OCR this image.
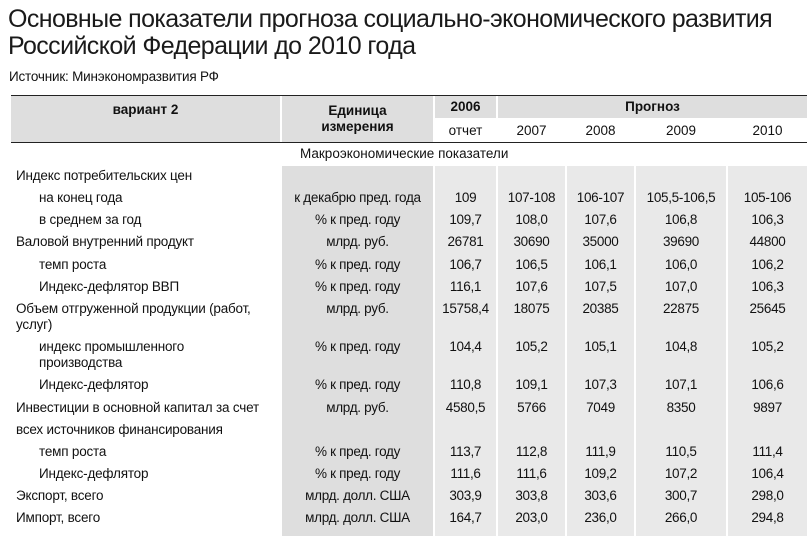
Основные показатели прогноза социально-экономического развития
Российской Федерации до 2010 года
Источник: Минэкономразвития РФ
вариант 2	Единица измерения
2006
отчет
Прогноз
2007	2008	2009	2010
Макроэкономические показатели
Индекс потребительских цен
на конец года	к декабрю пред. года	109	107-108	106-107	105,5-106,5	105-106
в среднем за год	% к пред. году	109,7	108,0	107,6	106,8	106,3
Валовой внутренний продукт	млрд. руб.	26781	30690	35000	39690	44800
темп роста	% к пред. году	106,7	106,5	106,1	106,0	106,2
Индекс-дефлятор ВВП	% к пред. году	116,1	107,6	107,5	107,0	106,3
Объем отгруженной продукции (работ,
услуг)
млрд. руб.	15758,4	18075	20385	22875	25645
индекс промышленного
производства
% к пред. году	104,4	105,2	105,1	104,8	105,2
Индекс-дефлятор	% к пред. году	110,8	109,1	107,3	107,1	106,6
Инвестиции в основной капитал за счет	млрд. руб.	4580,5	5766	7049	8350	9897
всех источников финансирования
темп роста	% к пред. году	113,7	112,8	111,9	110,5	111,4
Индекс-дефлятор	% к пред. году	111,6	111,6	109,2	107,2	106,4
Экспорт, всего	млрд. долл. США	303,9	303,8	303,6	300,7	298,0
Импорт, всего	млрд. долл. США	164,7	203,0	236,0	266,0	294,8
